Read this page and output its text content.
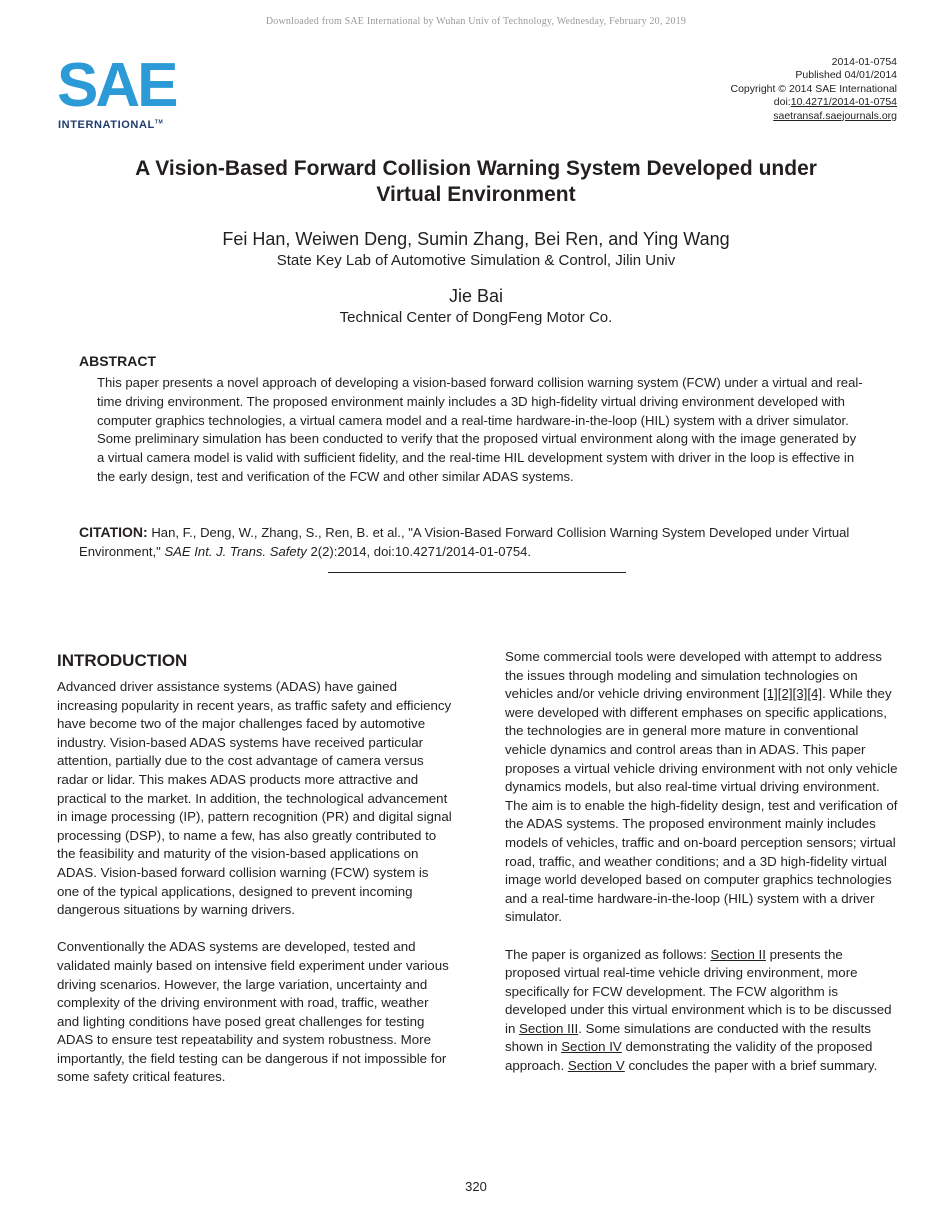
Downloaded from SAE International by Wuhan Univ of Technology, Wednesday, February 20, 2019
SAE
INTERNATIONAL™
2014-01-0754
Published 04/01/2014
Copyright © 2014 SAE International
doi:10.4271/2014-01-0754
saetransaf.saejournals.org
A Vision-Based Forward Collision Warning System Developed under
Virtual Environment
Fei Han, Weiwen Deng, Sumin Zhang, Bei Ren, and Ying Wang
State Key Lab of Automotive Simulation & Control, Jilin Univ
Jie Bai
Technical Center of DongFeng Motor Co.
ABSTRACT
This paper presents a novel approach of developing a vision-based forward collision warning system (FCW) under a virtual and real-time driving environment. The proposed environment mainly includes a 3D high-fidelity virtual driving environment developed with computer graphics technologies, a virtual camera model and a real-time hardware-in-the-loop (HIL) system with a driver simulator. Some preliminary simulation has been conducted to verify that the proposed virtual environment along with the image generated by a virtual camera model is valid with sufficient fidelity, and the real-time HIL development system with driver in the loop is effective in the early design, test and verification of the FCW and other similar ADAS systems.
CITATION: Han, F., Deng, W., Zhang, S., Ren, B. et al., "A Vision-Based Forward Collision Warning System Developed under Virtual Environment," SAE Int. J. Trans. Safety 2(2):2014, doi:10.4271/2014-01-0754.
INTRODUCTION

Advanced driver assistance systems (ADAS) have gained increasing popularity in recent years, as traffic safety and efficiency have become two of the major challenges faced by automotive industry. Vision-based ADAS systems have received particular attention, partially due to the cost advantage of camera versus radar or lidar. This makes ADAS products more attractive and practical to the market. In addition, the technological advancement in image processing (IP), pattern recognition (PR) and digital signal processing (DSP), to name a few, has also greatly contributed to the feasibility and maturity of the vision-based applications on ADAS. Vision-based forward collision warning (FCW) system is one of the typical applications, designed to prevent incoming dangerous situations by warning drivers.

Conventionally the ADAS systems are developed, tested and validated mainly based on intensive field experiment under various driving scenarios. However, the large variation, uncertainty and complexity of the driving environment with road, traffic, weather and lighting conditions have posed great challenges for testing ADAS to ensure test repeatability and system robustness. More importantly, the field testing can be dangerous if not impossible for some safety critical features.

Some commercial tools were developed with attempt to address the issues through modeling and simulation technologies on vehicles and/or vehicle driving environment [1][2][3][4]. While they were developed with different emphases on specific applications, the technologies are in general more mature in conventional vehicle dynamics and control areas than in ADAS. This paper proposes a virtual vehicle driving environment with not only vehicle dynamics models, but also real-time virtual driving environment. The aim is to enable the high-fidelity design, test and verification of the ADAS systems. The proposed environment mainly includes models of vehicles, traffic and on-board perception sensors; virtual road, traffic, and weather conditions; and a 3D high-fidelity virtual image world developed based on computer graphics technologies and a real-time hardware-in-the-loop (HIL) system with a driver simulator.

The paper is organized as follows: Section II presents the proposed virtual real-time vehicle driving environment, more specifically for FCW development. The FCW algorithm is developed under this virtual environment which is to be discussed in Section III. Some simulations are conducted with the results shown in Section IV demonstrating the validity of the proposed approach. Section V concludes the paper with a brief summary.

320
